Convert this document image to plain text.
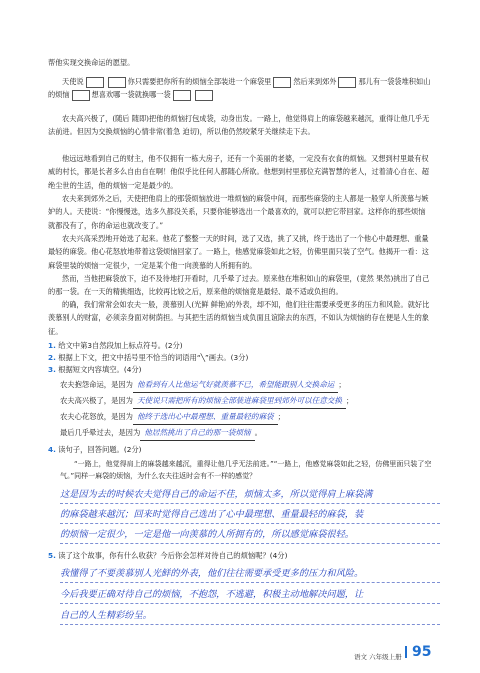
帮他实现交换命运的愿望。

天使说	你只需要把你所有的烦恼全部装进一个麻袋里	然后来到郊外	那儿有一袋袋堆积如山的烦恼	想喜欢哪一袋就换哪一袋

农夫高兴极了，(随后 随即)把他的烦恼打包成袋，动身出发。一路上，他觉得肩上的麻袋越来越沉，重得让他几乎无法前进。但因为交换烦恼的心情非常(着急 迫切)，所以他仍然咬紧牙关继续走下去。

他远远地看到自己的财主，他不仅拥有一栋大房子，还有一个美丽的老婆，一定没有衣食的烦恼。又想到村里最有权威的村长，都是长者多么自由自在啊！他似乎比任何人都随心所欲。他想到村里那位充满智慧的老人，过着清心自在、超绝尘世的生活，他的烦恼一定是最少的。

农夫来到郊外之后，天使把他肩上的那袋烦恼放进一堆烦恼的麻袋中间，而那些麻袋的主人都是一般穿人所羡慕与嫉妒的人。天使说：“你慢慢选，选多久都没关系，只要你能够选出一个最喜欢的，就可以把它带回家。这样你的那些烦恼就都没有了，你的命运也就改变了。”

农夫兴高采烈地开始选了起来。他花了整整一天的时间，选了又选，挑了又挑，终于选出了一个他心中最理想、重量最轻的麻袋。他心花怒放地带着这袋烦恼回家了。一路上，他感觉麻袋如此之轻，仿佛里面只装了空气。他揭开一看：这麻袋里装的烦恼一定很少，一定是某个他一向羡慕的人所拥有的。

然而，当他把麻袋放下，迫不及待地打开看时，几乎晕了过去。原来他在堆积如山的麻袋里，(竟然 果然)挑出了自己的那一袋。在一天的精挑细选，比较再比较之后，原来他的烦恼竟是最轻、最不适或负担的。

的确，我们常常会如农夫一般，羡慕别人(光鲜 鲜艳)的外表，却不知，他们往往需要承受更多的压力和风险。就好比羡慕别人的财富，必须亲身面对树荫担。与其把生活的烦恼当成负面且谊除去的东西，不如认为烦恼的存在便是人生的象征。

1. 给文中第3自然段加上标点符号。(2分)
2. 根据上下文，把文中括号里不恰当的词语用“╲”画去。(3分)
3. 根据短文内容填空。(4分)
农夫抱怨命运，是因为 他看到有人比他运气好就羡慕不已，希望能跟别人交换命运 ；
农夫高兴极了，是因为 天使说只需把所有的烦恼全部装进麻袋里到郊外可以任意交换 ；
农夫心花怒放，是因为 他终于选出心中最理想、重量最轻的麻袋 ；
最后几乎晕过去，是因为 他居然挑出了自己的那一袋烦恼 。
4. 读句子，回答问题。(2分)

“一路上，他觉得肩上的麻袋越来越沉，重得让他几乎无法前进。”“一路上，他感觉麻袋如此之轻，仿佛里面只装了空气。”同样一麻袋的烦恼，为什么农夫往返时会有不一样的感觉？

这是因为去的时候农夫觉得自己的命运不佳，烦恼太多，所以觉得肩上麻袋满
的麻袋越来越沉；回来时觉得自己选出了心中最理想、重量最轻的麻袋，装
的烦恼一定很少，一定是他一向羡慕的人所拥有的，所以感觉麻袋很轻。
5. 读了这个故事，你有什么收获？今后你会怎样对待自己的烦恼呢？(4分)
我懂得了不要羡慕别人光鲜的外表，他们往往需要承受更多的压力和风险。
今后我要正确对待自己的烦恼，不抱怨，不逃避，积极主动地解决问题，让
自己的人生精彩纷呈。
语文 六年级上册 95
